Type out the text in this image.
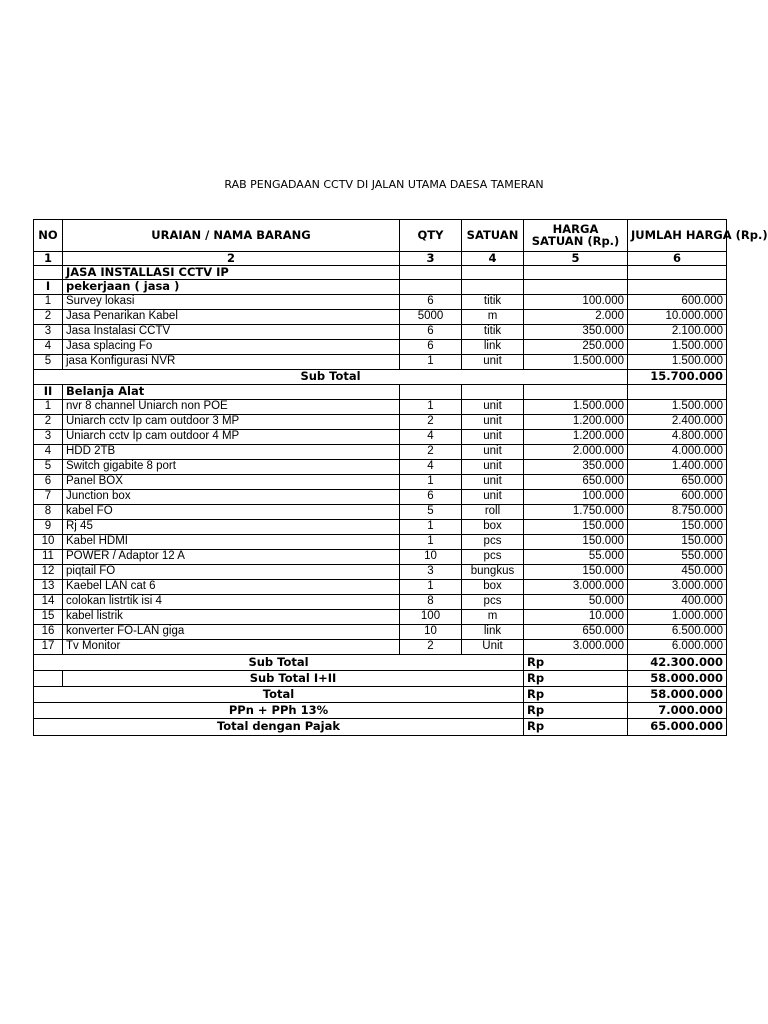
RAB PENGADAAN CCTV DI JALAN UTAMA DAESA TAMERAN
NO	URAIAN / NAMA BARANG	QTY	SATUAN	HARGA SATUAN (Rp.)	JUMLAH HARGA (Rp.)
1	2	3	4	5	6
	JASA INSTALLASI CCTV IP				
I	pekerjaan ( jasa )				
1	Survey lokasi	6	titik	100.000	600.000
2	Jasa Penarikan Kabel	5000	m	2.000	10.000.000
3	Jasa Instalasi CCTV	6	titik	350.000	2.100.000
4	Jasa splacing Fo	6	link	250.000	1.500.000
5	jasa Konfigurasi NVR	1	unit	1.500.000	1.500.000
Sub Total					15.700.000
II	Belanja Alat				
1	nvr 8 channel Uniarch non POE	1	unit	1.500.000	1.500.000
2	Uniarch cctv Ip cam outdoor 3 MP	2	unit	1.200.000	2.400.000
3	Uniarch cctv Ip cam outdoor 4 MP	4	unit	1.200.000	4.800.000
4	HDD 2TB	2	unit	2.000.000	4.000.000
5	Switch gigabite 8 port	4	unit	350.000	1.400.000
6	Panel BOX	1	unit	650.000	650.000
7	Junction box	6	unit	100.000	600.000
8	kabel FO	5	roll	1.750.000	8.750.000
9	Rj 45	1	box	150.000	150.000
10	Kabel HDMI	1	pcs	150.000	150.000
11	POWER / Adaptor 12 A	10	pcs	55.000	550.000
12	piqtail FO	3	bungkus	150.000	450.000
13	Kaebel LAN cat 6	1	box	3.000.000	3.000.000
14	colokan listrtik isi 4	8	pcs	50.000	400.000
15	kabel listrik	100	m	10.000	1.000.000
16	konverter FO-LAN giga	10	link	650.000	6.500.000
17	Tv Monitor	2	Unit	3.000.000	6.000.000
Sub Total				Rp	42.300.000
	Sub Total I+II			Rp	58.000.000
Total				Rp	58.000.000
PPn + PPh 13%				Rp	7.000.000
Total dengan Pajak				Rp	65.000.000
